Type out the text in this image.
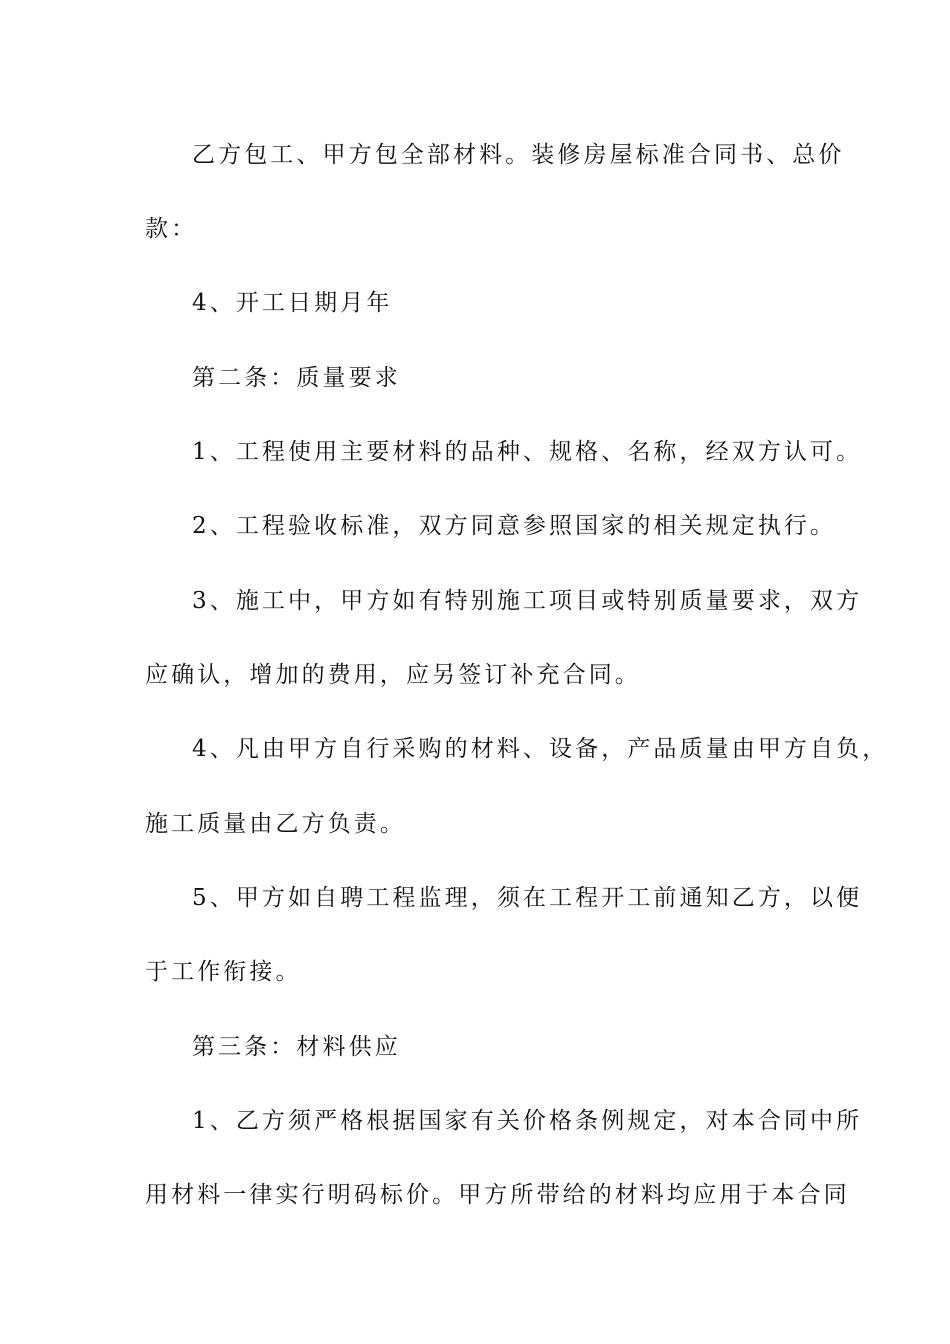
乙方包工、甲方包全部材料。装修房屋标准合同书、总价

款：

4、开工日期月年

第二条：质量要求

1、工程使用主要材料的品种、规格、名称，经双方认可。

2、工程验收标准，双方同意参照国家的相关规定执行。

3、施工中，甲方如有特别施工项目或特别质量要求，双方

应确认，增加的费用，应另签订补充合同。

4、凡由甲方自行采购的材料、设备，产品质量由甲方自负，

施工质量由乙方负责。

5、甲方如自聘工程监理，须在工程开工前通知乙方，以便

于工作衔接。

第三条：材料供应

1、乙方须严格根据国家有关价格条例规定，对本合同中所

用材料一律实行明码标价。甲方所带给的材料均应用于本合同
